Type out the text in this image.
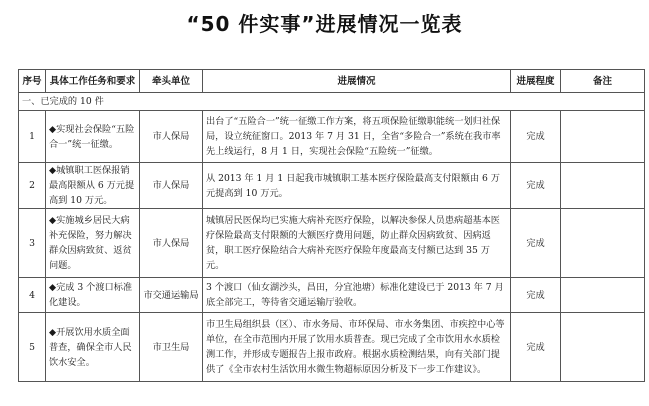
“50 件实事”进展情况一览表
序号	具体工作任务和要求	牵头单位	进展情况	进展程度	备注
一、已完成的 10 件					
1	◆实现社会保险“五险合一”统一征缴。	市人保局	出台了“五险合一”统一征缴工作方案，将五项保险征缴职能统一划归社保局，设立统征窗口。2013 年 7 月 31 日，全省“多险合一”系统在我市率先上线运行，8 月 1 日，实现社会保险“五险统一”征缴。	完成	
2	◆城镇职工医保报销最高限额从 6 万元提高到 10 万元。	市人保局	从 2013 年 1 月 1 日起我市城镇职工基本医疗保险最高支付限额由 6 万元提高到 10 万元。	完成	
3	◆实施城乡居民大病补充保险，努力解决群众因病致贫、返贫问题。	市人保局	城镇居民医保均已实施大病补充医疗保险，以解决参保人员患病超基本医疗保险最高支付限额的大额医疗费用问题，防止群众因病致贫、因病返贫，职工医疗保险结合大病补充医疗保险年度最高支付额已达到 35 万元。	完成	
4	◆完成 3 个渡口标准化建设。	市交通运输局	3 个渡口（仙女湖沙头，昌田，分宜池塘）标准化建设已于 2013 年 7 月底全部完工，等待省交通运输厅验收。	完成	
5	◆开展饮用水质全面普查，确保全市人民饮水安全。	市卫生局	市卫生局组织县（区）、市水务局、市环保局、市水务集团、市疾控中心等单位，在全市范围内开展了饮用水质普查。现已完成了全市饮用水水质检测工作，并形成专题报告上报市政府。根据水质检测结果，向有关部门提供了《全市农村生活饮用水微生物超标原因分析及下一步工作建议》。	完成	
